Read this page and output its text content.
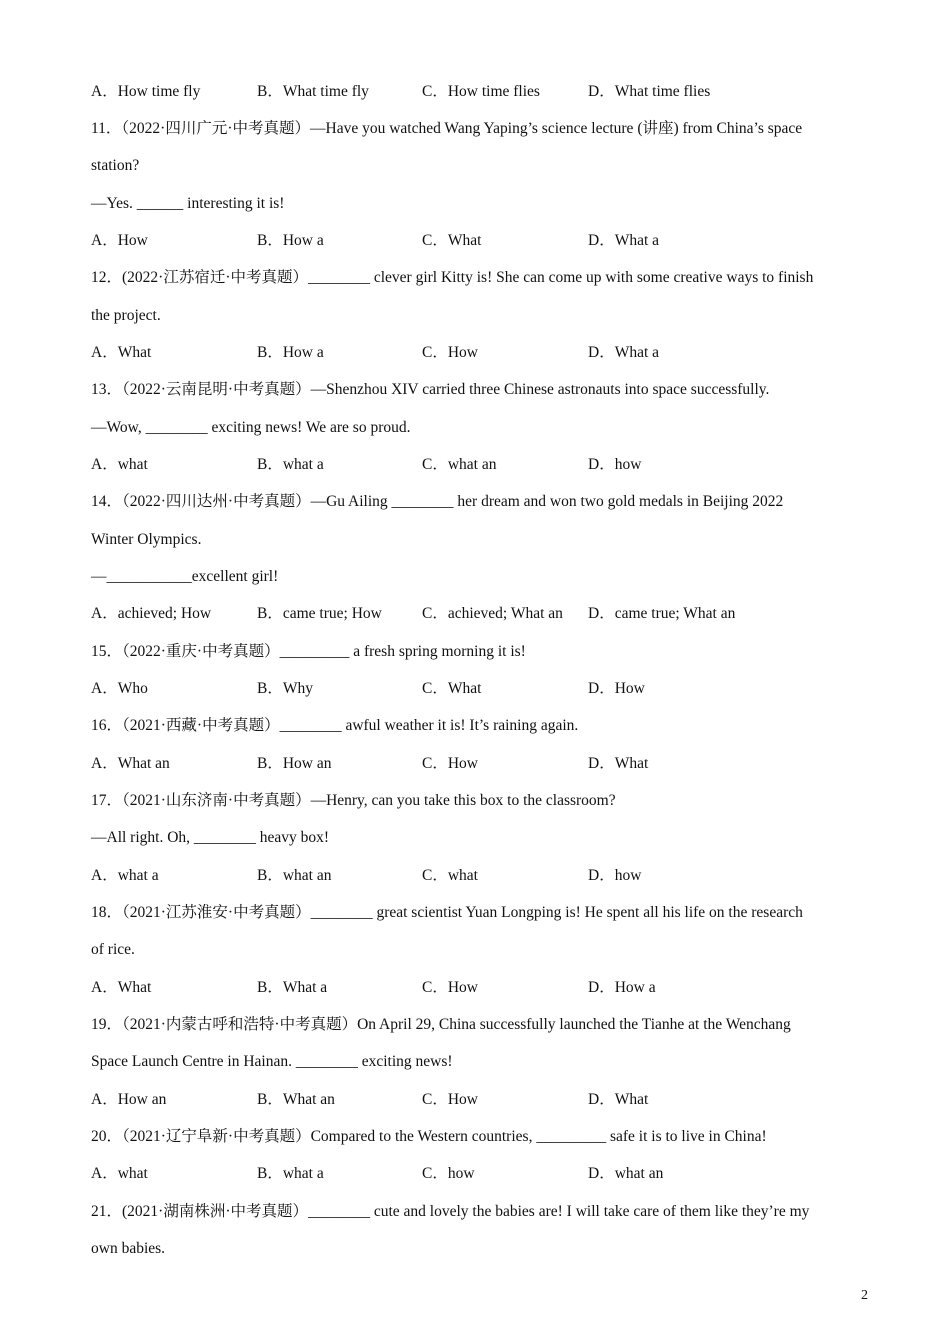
A．How time fly	B．What time fly	C．How time flies	D．What time flies
11．（2022·四川广元·中考真题）—Have you watched Wang Yaping’s science lecture (讲座) from China’s space
station?
—Yes. ______ interesting it is!
A．How	B．How a	C．What	D．What a
12．(2022·江苏宿迁·中考真题）________ clever girl Kitty is! She can come up with some creative ways to finish
the project.
A．What	B．How a	C．How	D．What a
13．（2022·云南昆明·中考真题）—Shenzhou XIV carried three Chinese astronauts into space successfully.
—Wow, ________ exciting news! We are so proud.
A．what	B．what a	C．what an	D．how
14．（2022·四川达州·中考真题）—Gu Ailing ________ her dream and won two gold medals in Beijing 2022
Winter Olympics.
—___________excellent girl!
A．achieved; How	B．came true; How	C．achieved; What an D．came true; What an
15．（2022·重庆·中考真题）_________ a fresh spring morning it is!
A．Who	B．Why	C．What	D．How
16．（2021·西藏·中考真题）________ awful weather it is! It’s raining again.
A．What an	B．How an	C．How	D．What
17．（2021·山东济南·中考真题）—Henry, can you take this box to the classroom?
—All right. Oh, ________ heavy box!
A．what a	B．what an	C．what	D．how
18．（2021·江苏淮安·中考真题）________ great scientist Yuan Longping is! He spent all his life on the research
of rice.
A．What	B．What a	C．How	D．How a
19．（2021·内蒙古呼和浩特·中考真题）On April 29, China successfully launched the Tianhe at the Wenchang
Space Launch Centre in Hainan. ________ exciting news!
A．How an	B．What an	C．How	D．What
20．（2021·辽宁阜新·中考真题）Compared to the Western countries, _________ safe it is to live in China!
A．what	B．what a	C．how	D．what an
21．(2021·湖南株洲·中考真题）________ cute and lovely the babies are! I will take care of them like they’re my
own babies.
2
